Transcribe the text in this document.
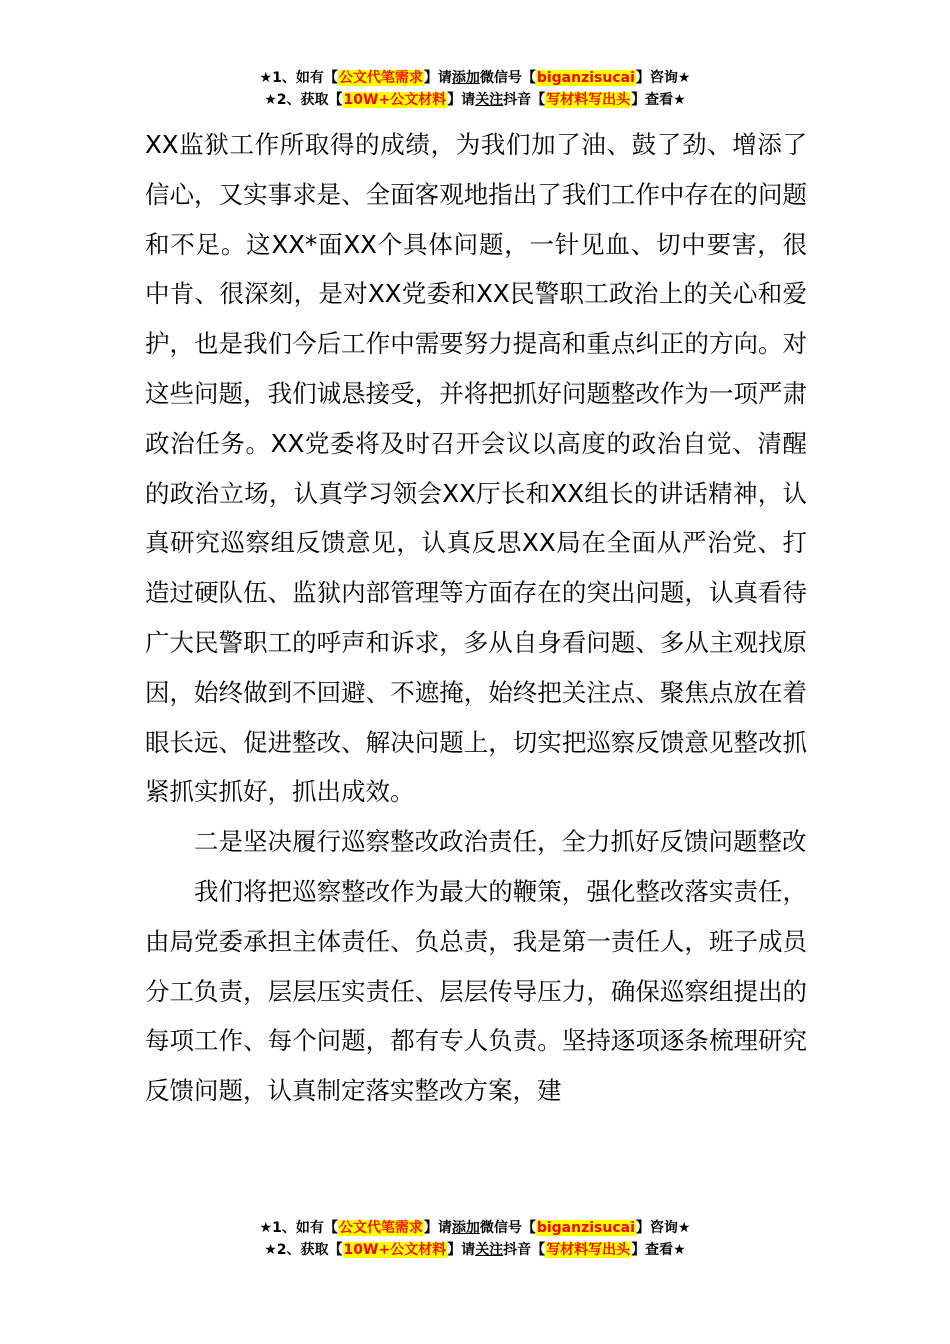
★1、如有【公文代笔需求】请添加微信号【biganzisucai】咨询★
★2、获取【10W+公文材料】请关注抖音【写材料写出头】查看★

XX监狱工作所取得的成绩，为我们加了油、鼓了劲、增添了信心，又实事求是、全面客观地指出了我们工作中存在的问题和不足。这XX*面XX个具体问题，一针见血、切中要害，很中肯、很深刻，是对XX党委和XX民警职工政治上的关心和爱护，也是我们今后工作中需要努力提高和重点纠正的方向。对这些问题，我们诚恳接受，并将把抓好问题整改作为一项严肃政治任务。XX党委将及时召开会议以高度的政治自觉、清醒的政治立场，认真学习领会XX厅长和XX组长的讲话精神，认真研究巡察组反馈意见，认真反思XX局在全面从严治党、打造过硬队伍、监狱内部管理等方面存在的突出问题，认真看待广大民警职工的呼声和诉求，多从自身看问题、多从主观找原因，始终做到不回避、不遮掩，始终把关注点、聚焦点放在着眼长远、促进整改、解决问题上，切实把巡察反馈意见整改抓紧抓实抓好，抓出成效。

二是坚决履行巡察整改政治责任，全力抓好反馈问题整改

我们将把巡察整改作为最大的鞭策，强化整改落实责任，由局党委承担主体责任、负总责，我是第一责任人，班子成员分工负责，层层压实责任、层层传导压力，确保巡察组提出的每项工作、每个问题，都有专人负责。坚持逐项逐条梳理研究反馈问题，认真制定落实整改方案，建

★1、如有【公文代笔需求】请添加微信号【biganzisucai】咨询★
★2、获取【10W+公文材料】请关注抖音【写材料写出头】查看★
